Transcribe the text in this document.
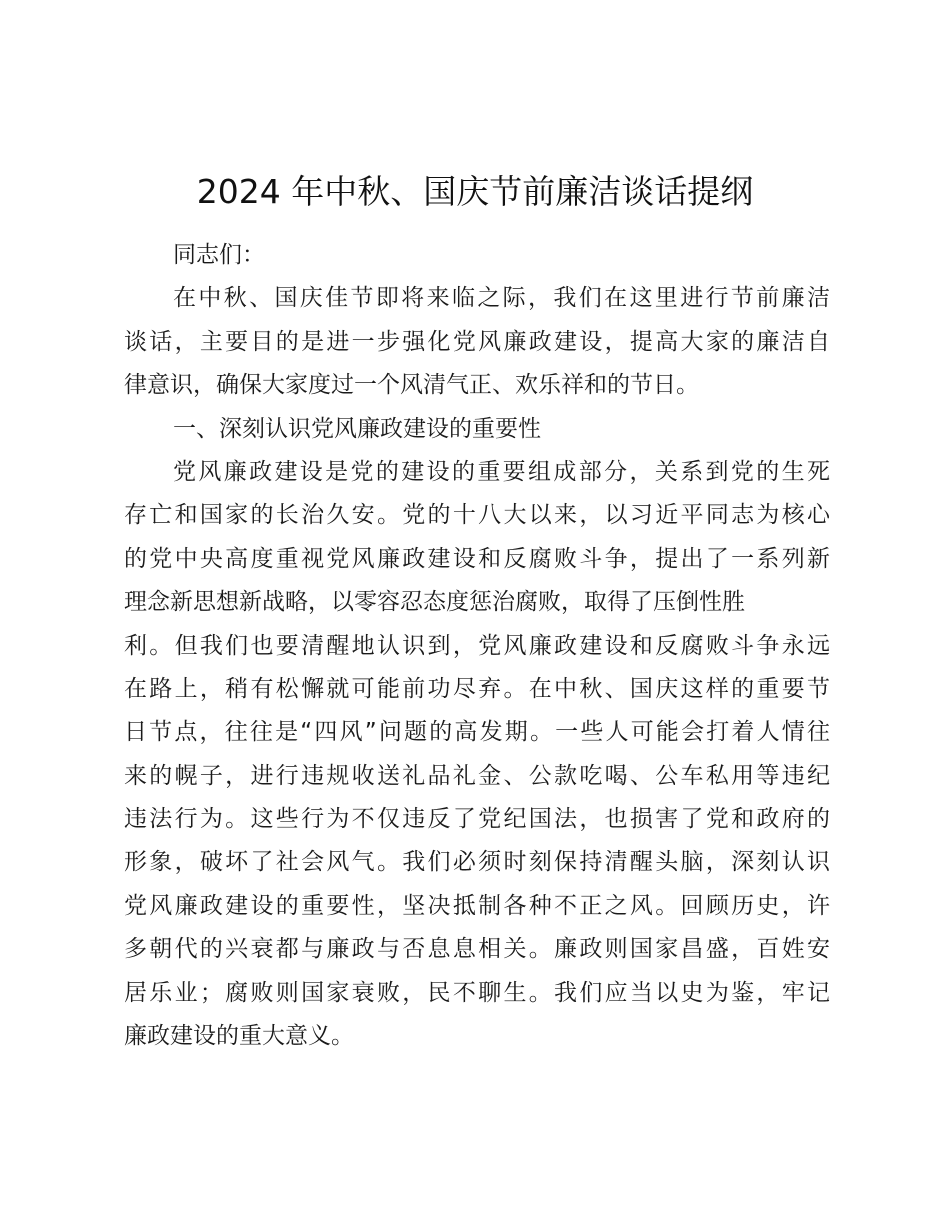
2024 年中秋、国庆节前廉洁谈话提纲
同志们：
在中秋、国庆佳节即将来临之际，我们在这里进行节前廉洁
谈话，主要目的是进一步强化党风廉政建设，提高大家的廉洁自
律意识，确保大家度过一个风清气正、欢乐祥和的节日。
一、深刻认识党风廉政建设的重要性
党风廉政建设是党的建设的重要组成部分，关系到党的生死
存亡和国家的长治久安。党的十八大以来，以习近平同志为核心
的党中央高度重视党风廉政建设和反腐败斗争，提出了一系列新
理念新思想新战略，以零容忍态度惩治腐败，取得了压倒性胜
利。但我们也要清醒地认识到，党风廉政建设和反腐败斗争永远
在路上，稍有松懈就可能前功尽弃。在中秋、国庆这样的重要节
日节点，往往是“四风”问题的高发期。一些人可能会打着人情往
来的幌子，进行违规收送礼品礼金、公款吃喝、公车私用等违纪
违法行为。这些行为不仅违反了党纪国法，也损害了党和政府的
形象，破坏了社会风气。我们必须时刻保持清醒头脑，深刻认识
党风廉政建设的重要性，坚决抵制各种不正之风。回顾历史，许
多朝代的兴衰都与廉政与否息息相关。廉政则国家昌盛，百姓安
居乐业；腐败则国家衰败，民不聊生。我们应当以史为鉴，牢记
廉政建设的重大意义。
